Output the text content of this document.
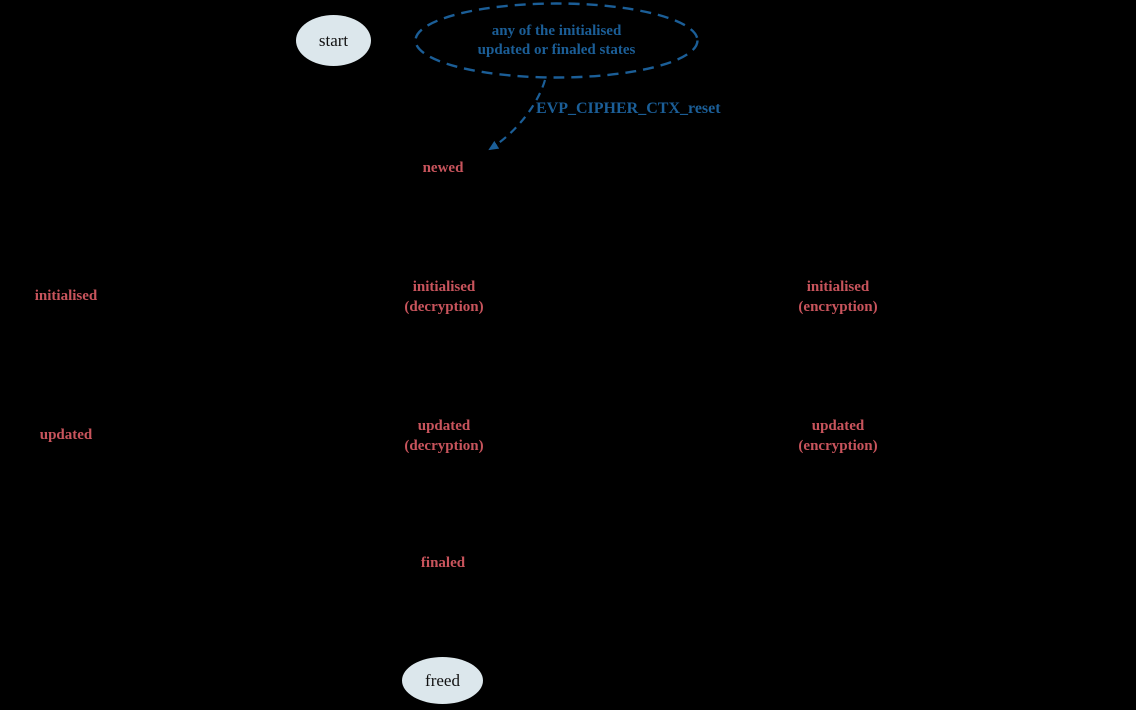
start	any of the initialised
updated or finaled states
EVP_CIPHER_CTX_reset
newed
initialised
initialised
(decryption)
initialised
(encryption)
updated
updated
(decryption)
updated
(encryption)
finaled
freed
